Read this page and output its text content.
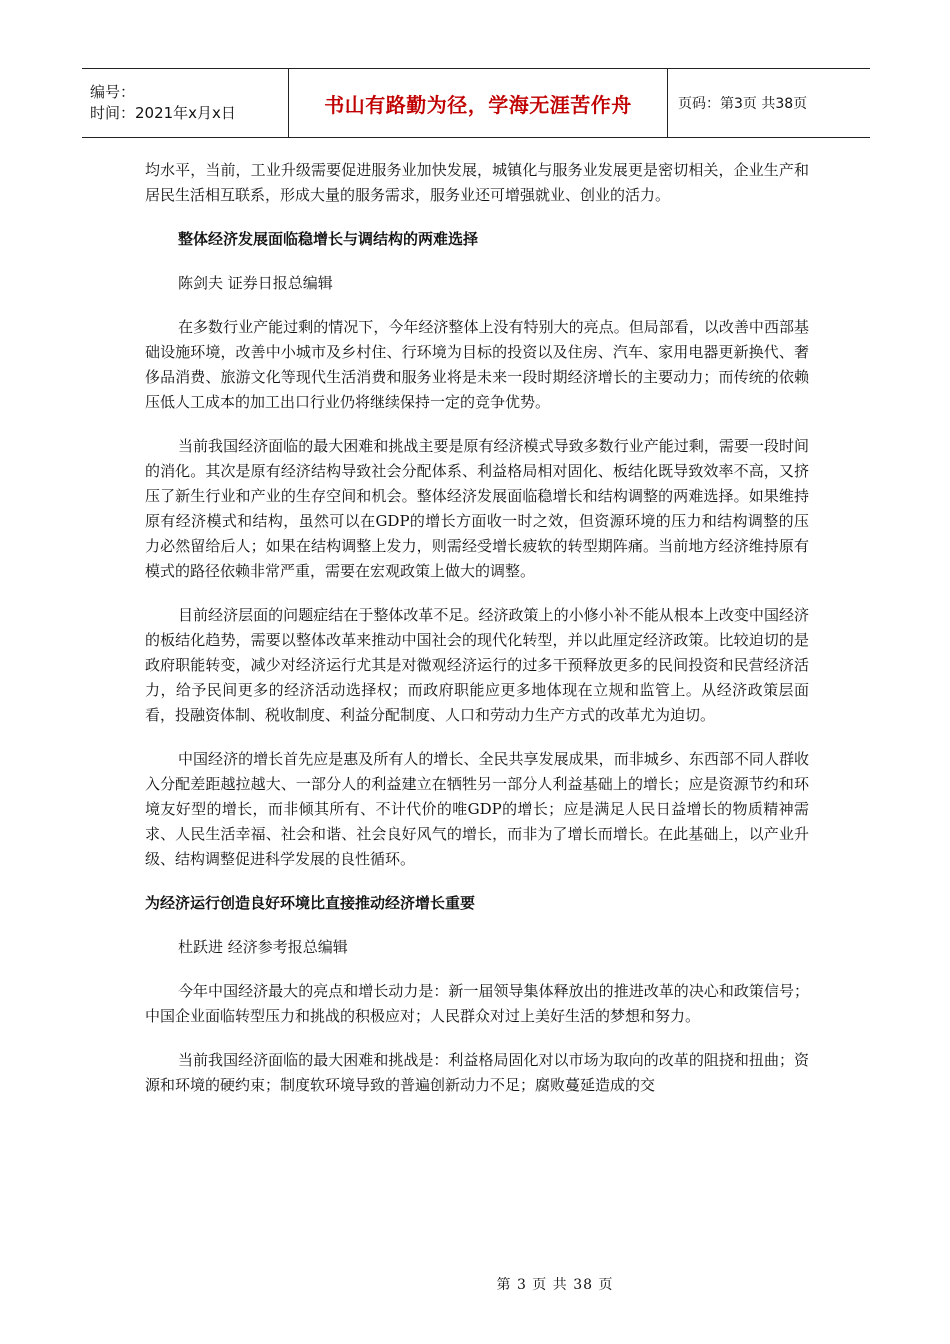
编号：
时间：2021年x月x日	书山有路勤为径，学海无涯苦作舟	页码：第3页 共38页

均水平，当前，工业升级需要促进服务业加快发展，城镇化与服务业发展更是密切相关，企业生产和居民生活相互联系，形成大量的服务需求，服务业还可增强就业、创业的活力。

整体经济发展面临稳增长与调结构的两难选择

陈剑夫 证券日报总编辑

在多数行业产能过剩的情况下，今年经济整体上没有特别大的亮点。但局部看，以改善中西部基础设施环境，改善中小城市及乡村住、行环境为目标的投资以及住房、汽车、家用电器更新换代、奢侈品消费、旅游文化等现代生活消费和服务业将是未来一段时期经济增长的主要动力；而传统的依赖压低人工成本的加工出口行业仍将继续保持一定的竞争优势。

当前我国经济面临的最大困难和挑战主要是原有经济模式导致多数行业产能过剩，需要一段时间的消化。其次是原有经济结构导致社会分配体系、利益格局相对固化、板结化既导致效率不高，又挤压了新生行业和产业的生存空间和机会。整体经济发展面临稳增长和结构调整的两难选择。如果维持原有经济模式和结构，虽然可以在GDP的增长方面收一时之效，但资源环境的压力和结构调整的压力必然留给后人；如果在结构调整上发力，则需经受增长疲软的转型期阵痛。当前地方经济维持原有模式的路径依赖非常严重，需要在宏观政策上做大的调整。

目前经济层面的问题症结在于整体改革不足。经济政策上的小修小补不能从根本上改变中国经济的板结化趋势，需要以整体改革来推动中国社会的现代化转型，并以此厘定经济政策。比较迫切的是政府职能转变，减少对经济运行尤其是对微观经济运行的过多干预释放更多的民间投资和民营经济活力，给予民间更多的经济活动选择权；而政府职能应更多地体现在立规和监管上。从经济政策层面看，投融资体制、税收制度、利益分配制度、人口和劳动力生产方式的改革尤为迫切。

中国经济的增长首先应是惠及所有人的增长、全民共享发展成果，而非城乡、东西部不同人群收入分配差距越拉越大、一部分人的利益建立在牺牲另一部分人利益基础上的增长；应是资源节约和环境友好型的增长，而非倾其所有、不计代价的唯GDP的增长；应是满足人民日益增长的物质精神需求、人民生活幸福、社会和谐、社会良好风气的增长，而非为了增长而增长。在此基础上，以产业升级、结构调整促进科学发展的良性循环。

为经济运行创造良好环境比直接推动经济增长重要

杜跃进 经济参考报总编辑

今年中国经济最大的亮点和增长动力是：新一届领导集体释放出的推进改革的决心和政策信号；中国企业面临转型压力和挑战的积极应对；人民群众对过上美好生活的梦想和努力。

当前我国经济面临的最大困难和挑战是：利益格局固化对以市场为取向的改革的阻挠和扭曲；资源和环境的硬约束；制度软环境导致的普遍创新动力不足；腐败蔓延造成的交

第 3 页 共 38 页
